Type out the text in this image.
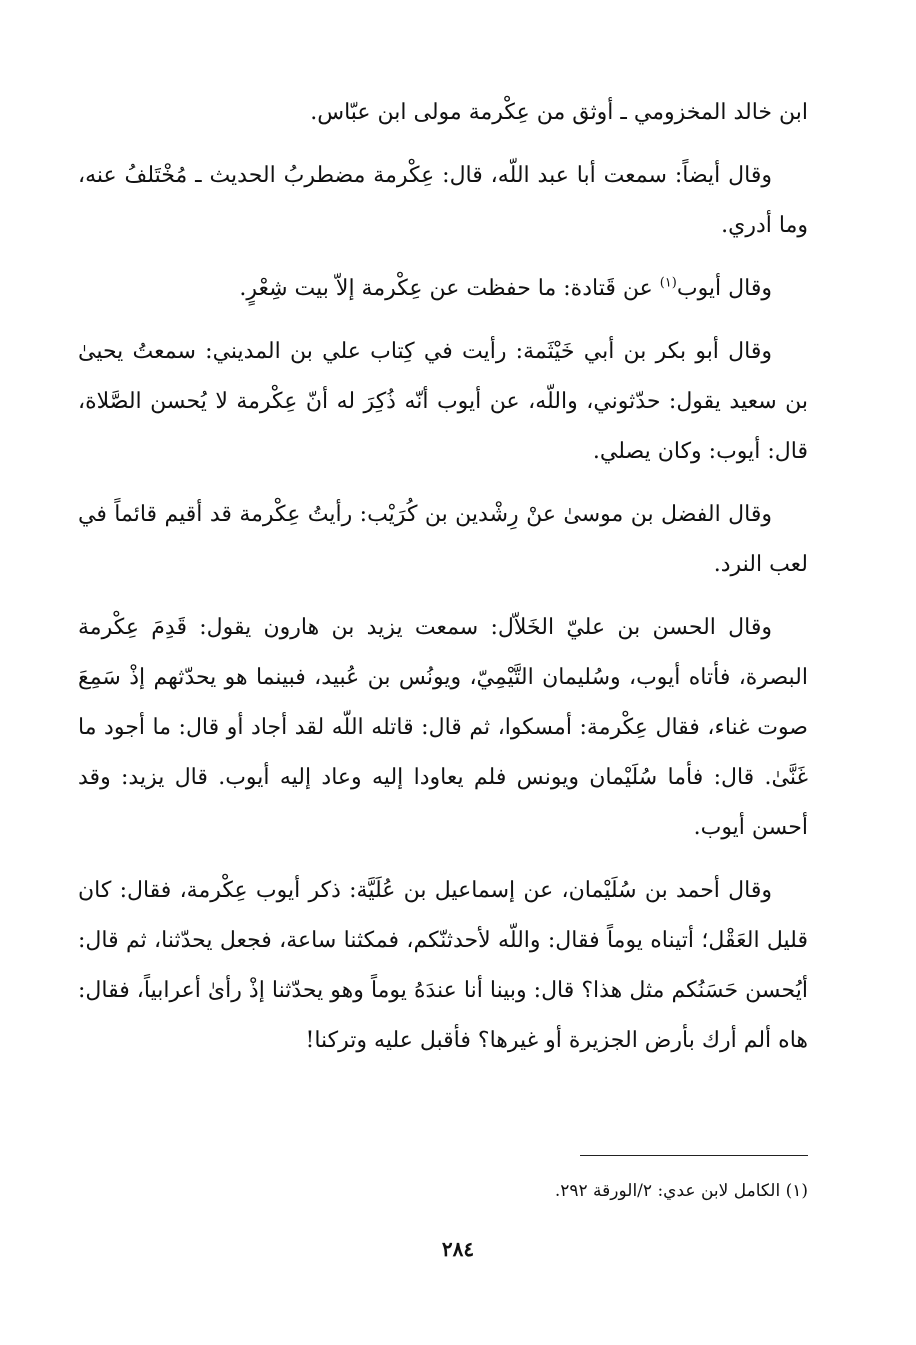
ابن خالد المخزومي ـ أوثق من عِكْرمة مولى ابن عبّاس.

وقال أيضاً: سمعت أبا عبد اللّه، قال: عِكْرمة مضطربُ الحديث ـ مُخْتَلفُ عنه، وما أدري.

وقال أيوب$^{(١)}$ عن قَتادة: ما حفظت عن عِكْرمة إلاّ بيت شِعْرٍ.

وقال أبو بكر بن أبي خَيْثَمة: رأيت في كِتاب علي بن المديني: سمعتُ يحيىٰ بن سعيد يقول: حدّثوني، واللّه، عن أيوب أنّه ذُكِرَ له أنّ عِكْرمة لا يُحسن الصَّلاة، قال: أيوب: وكان يصلي.

وقال الفضل بن موسىٰ عنْ رِشْدين بن كُرَيْب: رأيتُ عِكْرمة قد أقيم قائماً في لعب النرد.

وقال الحسن بن عليّ الخَلاّل: سمعت يزيد بن هارون يقول: قَدِمَ عِكْرمة البصرة، فأتاه أيوب، وسُليمان التَّيْمِيّ، ويونُس بن عُبيد، فبينما هو يحدّثهم إذْ سَمِعَ صوت غناء، فقال عِكْرمة: أمسكوا، ثم قال: قاتله اللّه لقد أجاد أو قال: ما أجود ما غَنَّىٰ. قال: فأما سُلَيْمان ويونس فلم يعاودا إليه وعاد إليه أيوب. قال يزيد: وقد أحسن أيوب.

وقال أحمد بن سُلَيْمان، عن إسماعيل بن عُلَيَّة: ذكر أيوب عِكْرمة، فقال: كان قليل العَقْل؛ أتيناه يوماً فقال: واللّه لأحدثنّكم، فمكثنا ساعة، فجعل يحدّثنا، ثم قال: أيُحسن حَسَنُكم مثل هذا؟ قال: وبينا أنا عندَهُ يوماً وهو يحدّثنا إذْ رأىٰ أعرابياً، فقال: هاه ألم أرك بأرض الجزيرة أو غيرها؟ فأقبل عليه وتركنا!

(١) الكامل لابن عدي: ٢/الورقة ٢٩٢.
٢٨٤
